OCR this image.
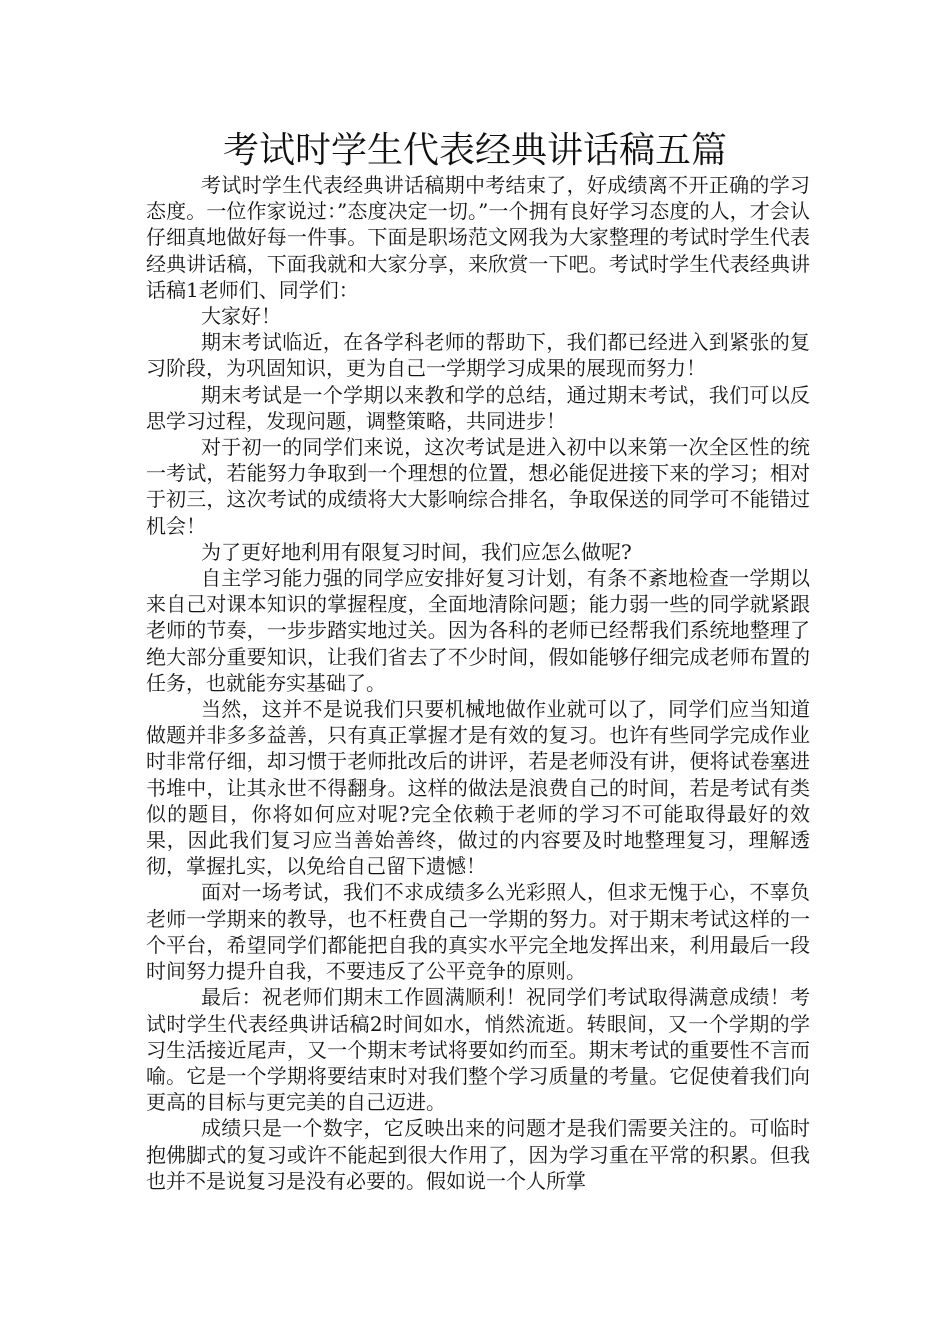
考试时学生代表经典讲话稿五篇

考试时学生代表经典讲话稿期中考结束了，好成绩离不开正确的学习态度。一位作家说过：”态度决定一切。”一个拥有良好学习态度的人，才会认仔细真地做好每一件事。下面是职场范文网我为大家整理的考试时学生代表经典讲话稿，下面我就和大家分享，来欣赏一下吧。考试时学生代表经典讲话稿1老师们、同学们：

大家好！

期末考试临近，在各学科老师的帮助下，我们都已经进入到紧张的复习阶段，为巩固知识，更为自己一学期学习成果的展现而努力！

期末考试是一个学期以来教和学的总结，通过期末考试，我们可以反思学习过程，发现问题，调整策略，共同进步！

对于初一的同学们来说，这次考试是进入初中以来第一次全区性的统一考试，若能努力争取到一个理想的位置，想必能促进接下来的学习；相对于初三，这次考试的成绩将大大影响综合排名，争取保送的同学可不能错过机会！

为了更好地利用有限复习时间，我们应怎么做呢?

自主学习能力强的同学应安排好复习计划，有条不紊地检查一学期以来自己对课本知识的掌握程度，全面地清除问题；能力弱一些的同学就紧跟老师的节奏，一步步踏实地过关。因为各科的老师已经帮我们系统地整理了绝大部分重要知识，让我们省去了不少时间，假如能够仔细完成老师布置的任务，也就能夯实基础了。

当然，这并不是说我们只要机械地做作业就可以了，同学们应当知道做题并非多多益善，只有真正掌握才是有效的复习。也许有些同学完成作业时非常仔细，却习惯于老师批改后的讲评，若是老师没有讲，便将试卷塞进书堆中，让其永世不得翻身。这样的做法是浪费自己的时间，若是考试有类似的题目，你将如何应对呢?完全依赖于老师的学习不可能取得最好的效果，因此我们复习应当善始善终，做过的内容要及时地整理复习，理解透彻，掌握扎实，以免给自己留下遗憾！

面对一场考试，我们不求成绩多么光彩照人，但求无愧于心，不辜负老师一学期来的教导，也不枉费自己一学期的努力。对于期末考试这样的一个平台，希望同学们都能把自我的真实水平完全地发挥出来，利用最后一段时间努力提升自我，不要违反了公平竞争的原则。

最后：祝老师们期末工作圆满顺利！祝同学们考试取得满意成绩！考试时学生代表经典讲话稿2时间如水，悄然流逝。转眼间，又一个学期的学习生活接近尾声，又一个期末考试将要如约而至。期末考试的重要性不言而喻。它是一个学期将要结束时对我们整个学习质量的考量。它促使着我们向更高的目标与更完美的自己迈进。

成绩只是一个数字，它反映出来的问题才是我们需要关注的。可临时抱佛脚式的复习或许不能起到很大作用了，因为学习重在平常的积累。但我也并不是说复习是没有必要的。假如说一个人所掌
